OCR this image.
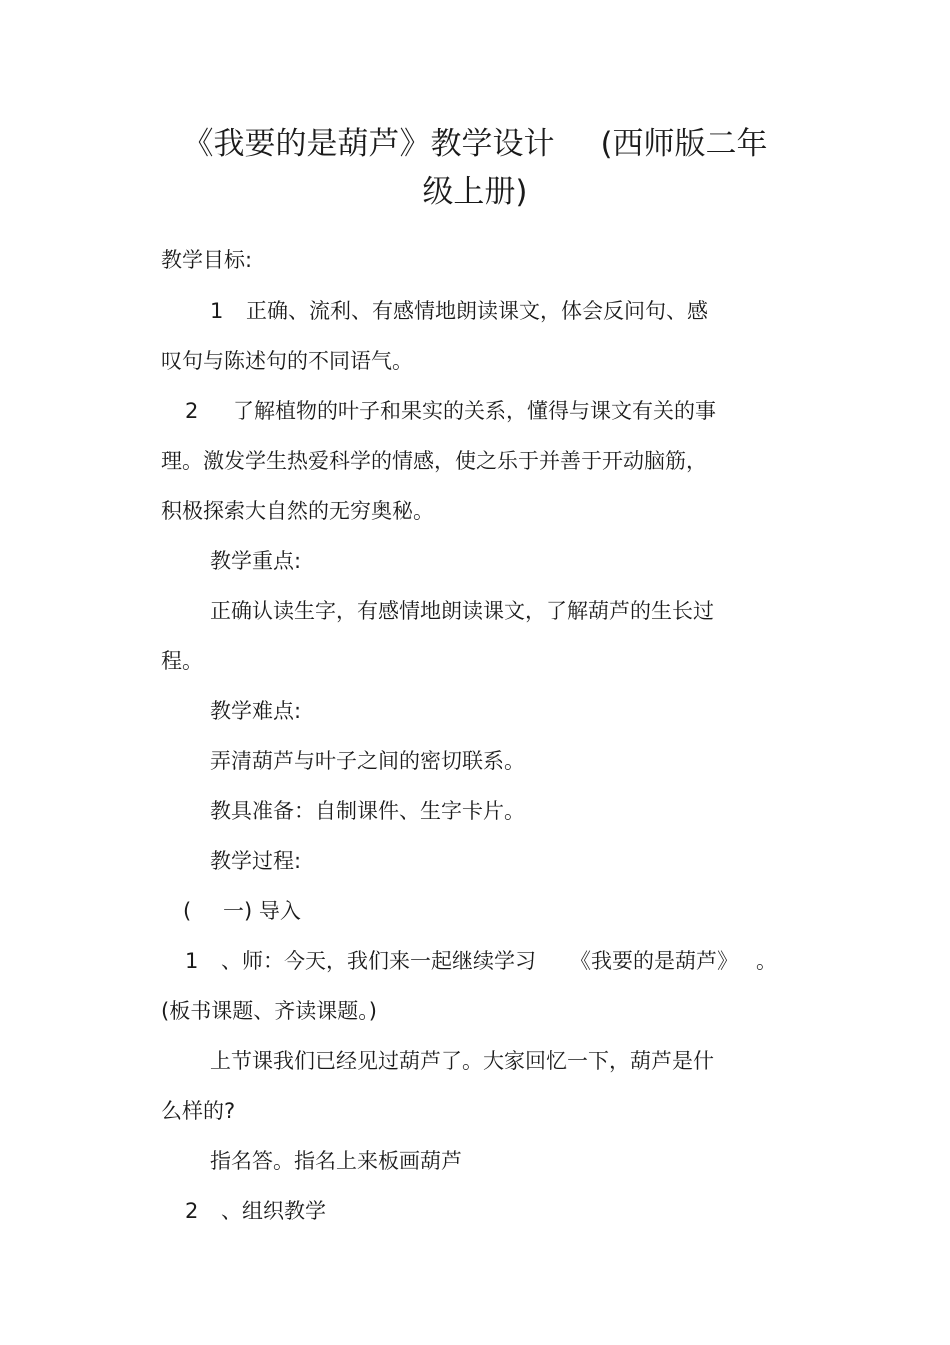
《我要的是葫芦》教学设计 (西师版二年
级上册)
教学目标:
1 正确、流利、有感情地朗读课文，体会反问句、感
叹句与陈述句的不同语气。
2 了解植物的叶子和果实的关系，懂得与课文有关的事
理。激发学生热爱科学的情感，使之乐于并善于开动脑筋，
积极探索大自然的无穷奥秘。
教学重点:
正确认读生字，有感情地朗读课文，了解葫芦的生长过
程。
教学难点:
弄清葫芦与叶子之间的密切联系。
教具准备：自制课件、生字卡片。
教学过程:
( 一) 导入
1 、师：今天，我们来一起继续学习 《我要的是葫芦》 。
(板书课题、齐读课题。)
上节课我们已经见过葫芦了。大家回忆一下，葫芦是什
么样的?
指名答。指名上来板画葫芦
2 、组织教学
